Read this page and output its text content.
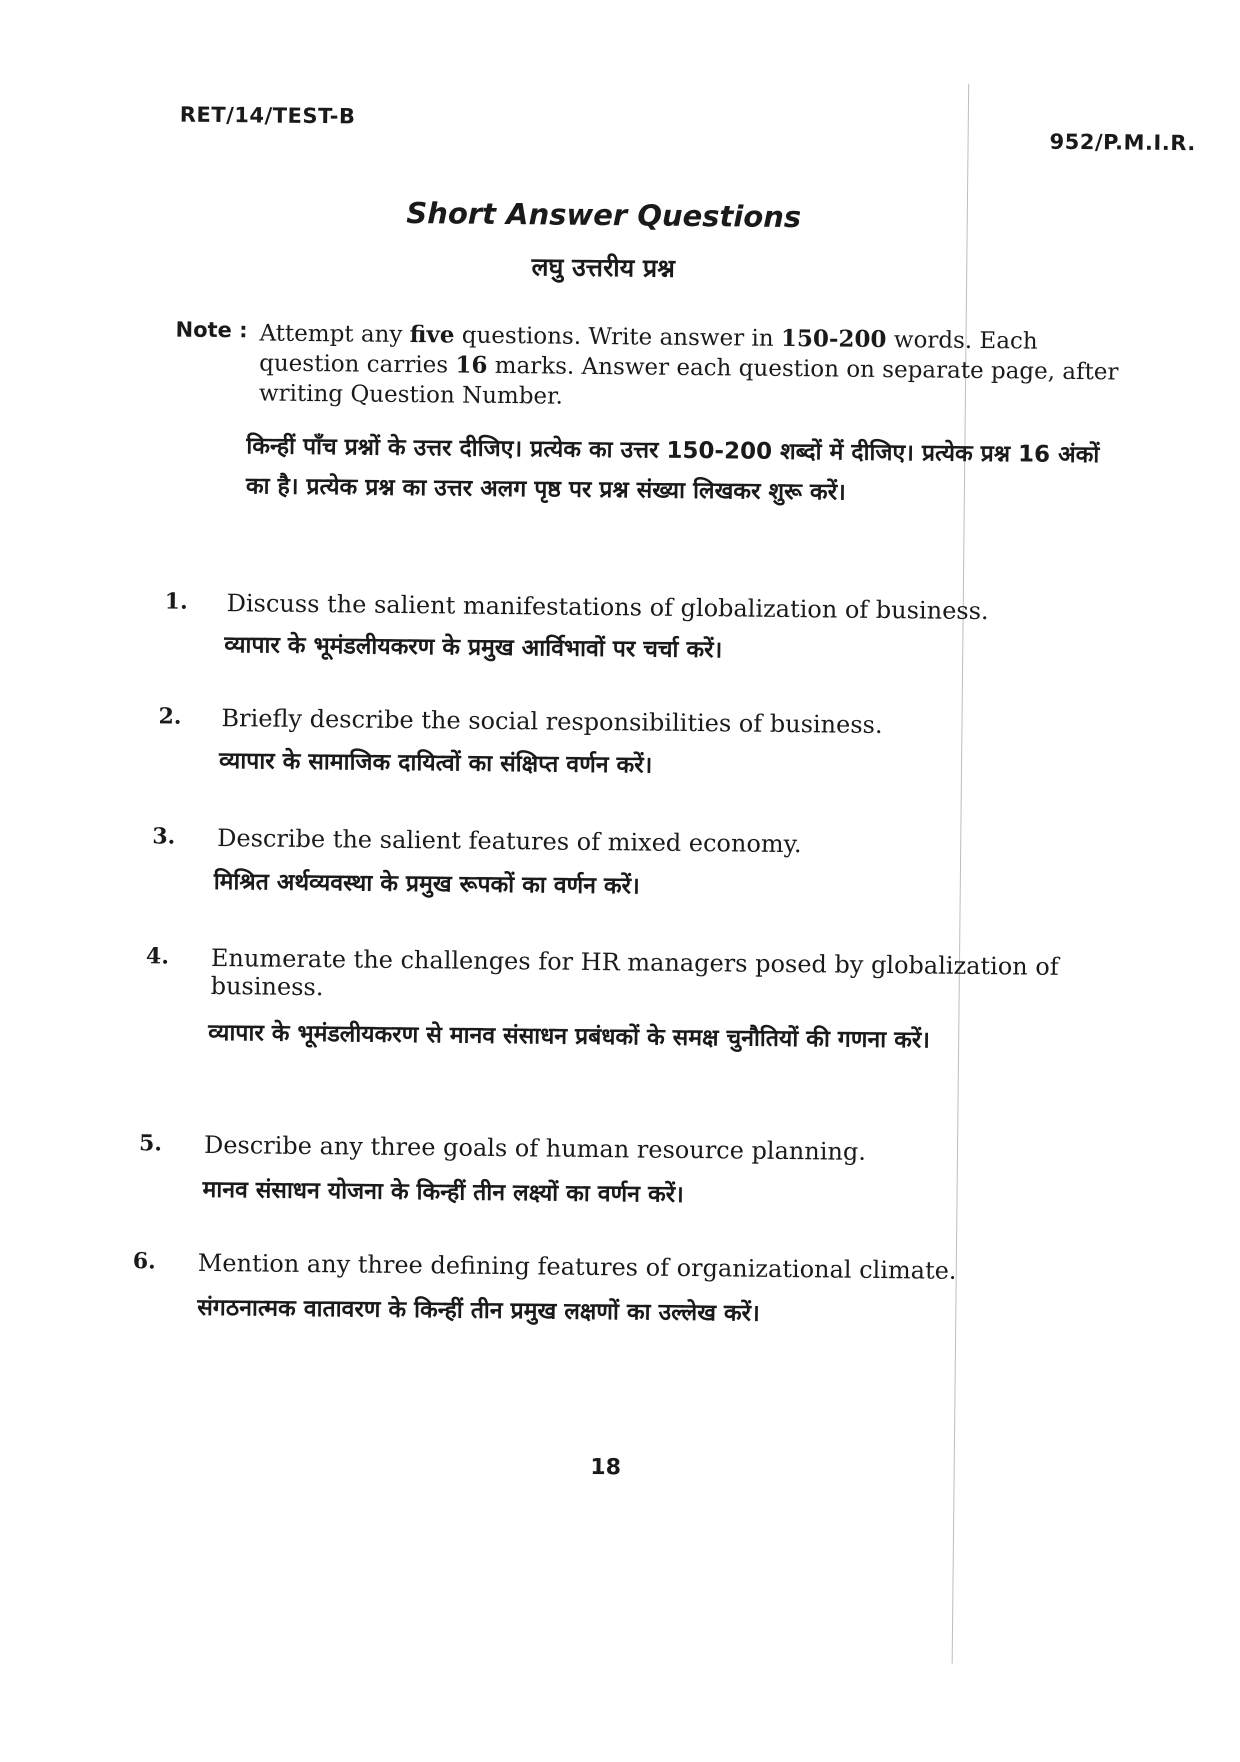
RET/14/TEST-B
952/P.M.I.R.
Short Answer Questions
लघु उत्तरीय प्रश्न
Note : Attempt any five questions. Write answer in 150-200 words. Each question carries 16 marks. Answer each question on separate page, after writing Question Number.
किन्हीं पाँच प्रश्नों के उत्तर दीजिए। प्रत्येक का उत्तर 150-200 शब्दों में दीजिए। प्रत्येक प्रश्न 16 अंकों का है। प्रत्येक प्रश्न का उत्तर अलग पृष्ठ पर प्रश्न संख्या लिखकर शुरू करें।
1. Discuss the salient manifestations of globalization of business.
व्यापार के भूमंडलीयकरण के प्रमुख आर्विभावों पर चर्चा करें।
2. Briefly describe the social responsibilities of business.
व्यापार के सामाजिक दायित्वों का संक्षिप्त वर्णन करें।
3. Describe the salient features of mixed economy.
मिश्रित अर्थव्यवस्था के प्रमुख रूपकों का वर्णन करें।
4. Enumerate the challenges for HR managers posed by globalization of business.
व्यापार के भूमंडलीयकरण से मानव संसाधन प्रबंधकों के समक्ष चुनौतियों की गणना करें।
5. Describe any three goals of human resource planning.
मानव संसाधन योजना के किन्हीं तीन लक्ष्यों का वर्णन करें।
6. Mention any three defining features of organizational climate.
संगठनात्मक वातावरण के किन्हीं तीन प्रमुख लक्षणों का उल्लेख करें।
18
